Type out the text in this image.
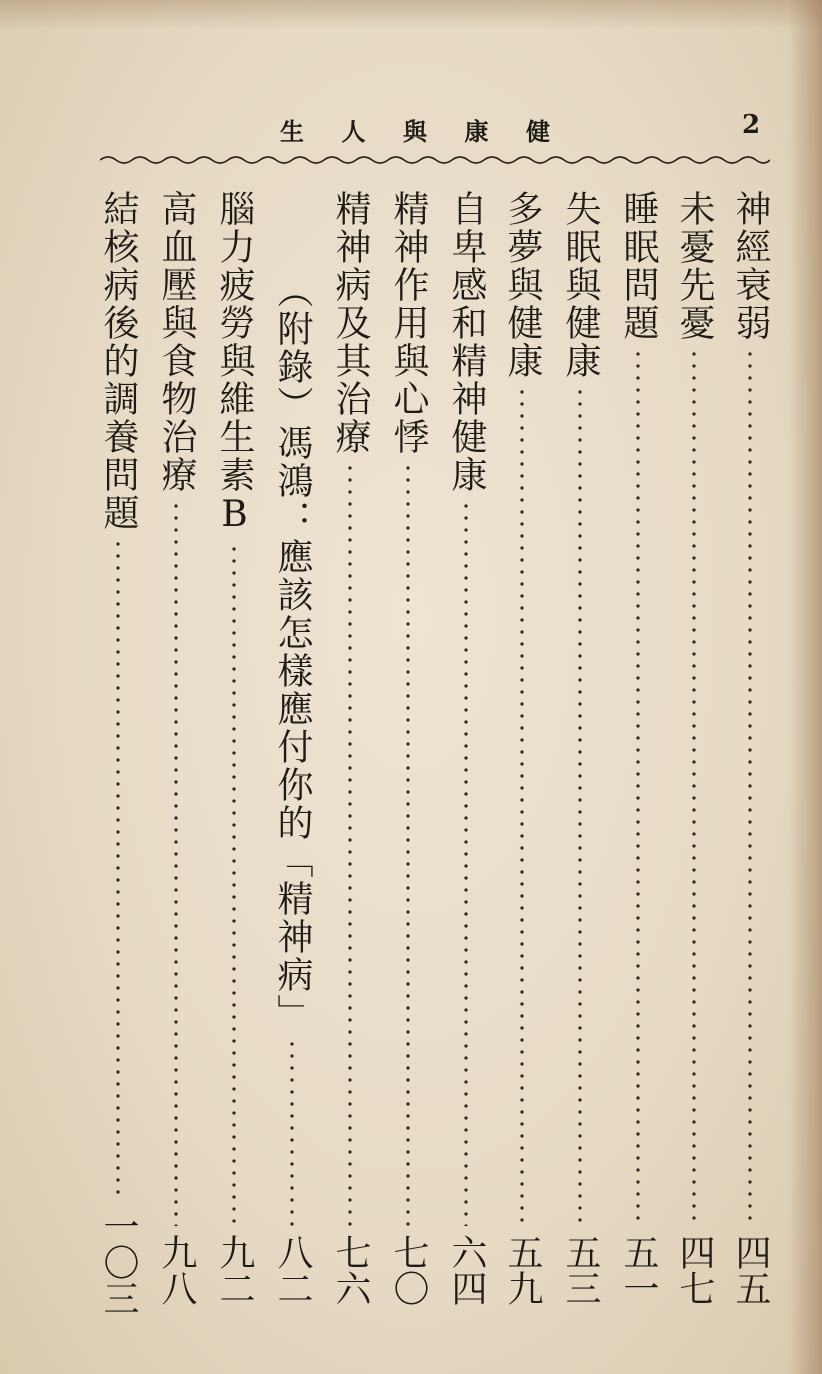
生 人 與 康 健	2
神經衰弱
四五
未憂先憂
四七
睡眠問題
五一
失眠與健康
五三
多夢與健康
五九
自卑感和精神健康
六四
精神作用與心悸
七〇
精神病及其治療
七六
︵附錄︶馮鴻：應該怎樣應付你的「精神病」
八二
腦力疲勞與維生素B
九二
高血壓與食物治療
九八
結核病後的調養問題
一〇三
